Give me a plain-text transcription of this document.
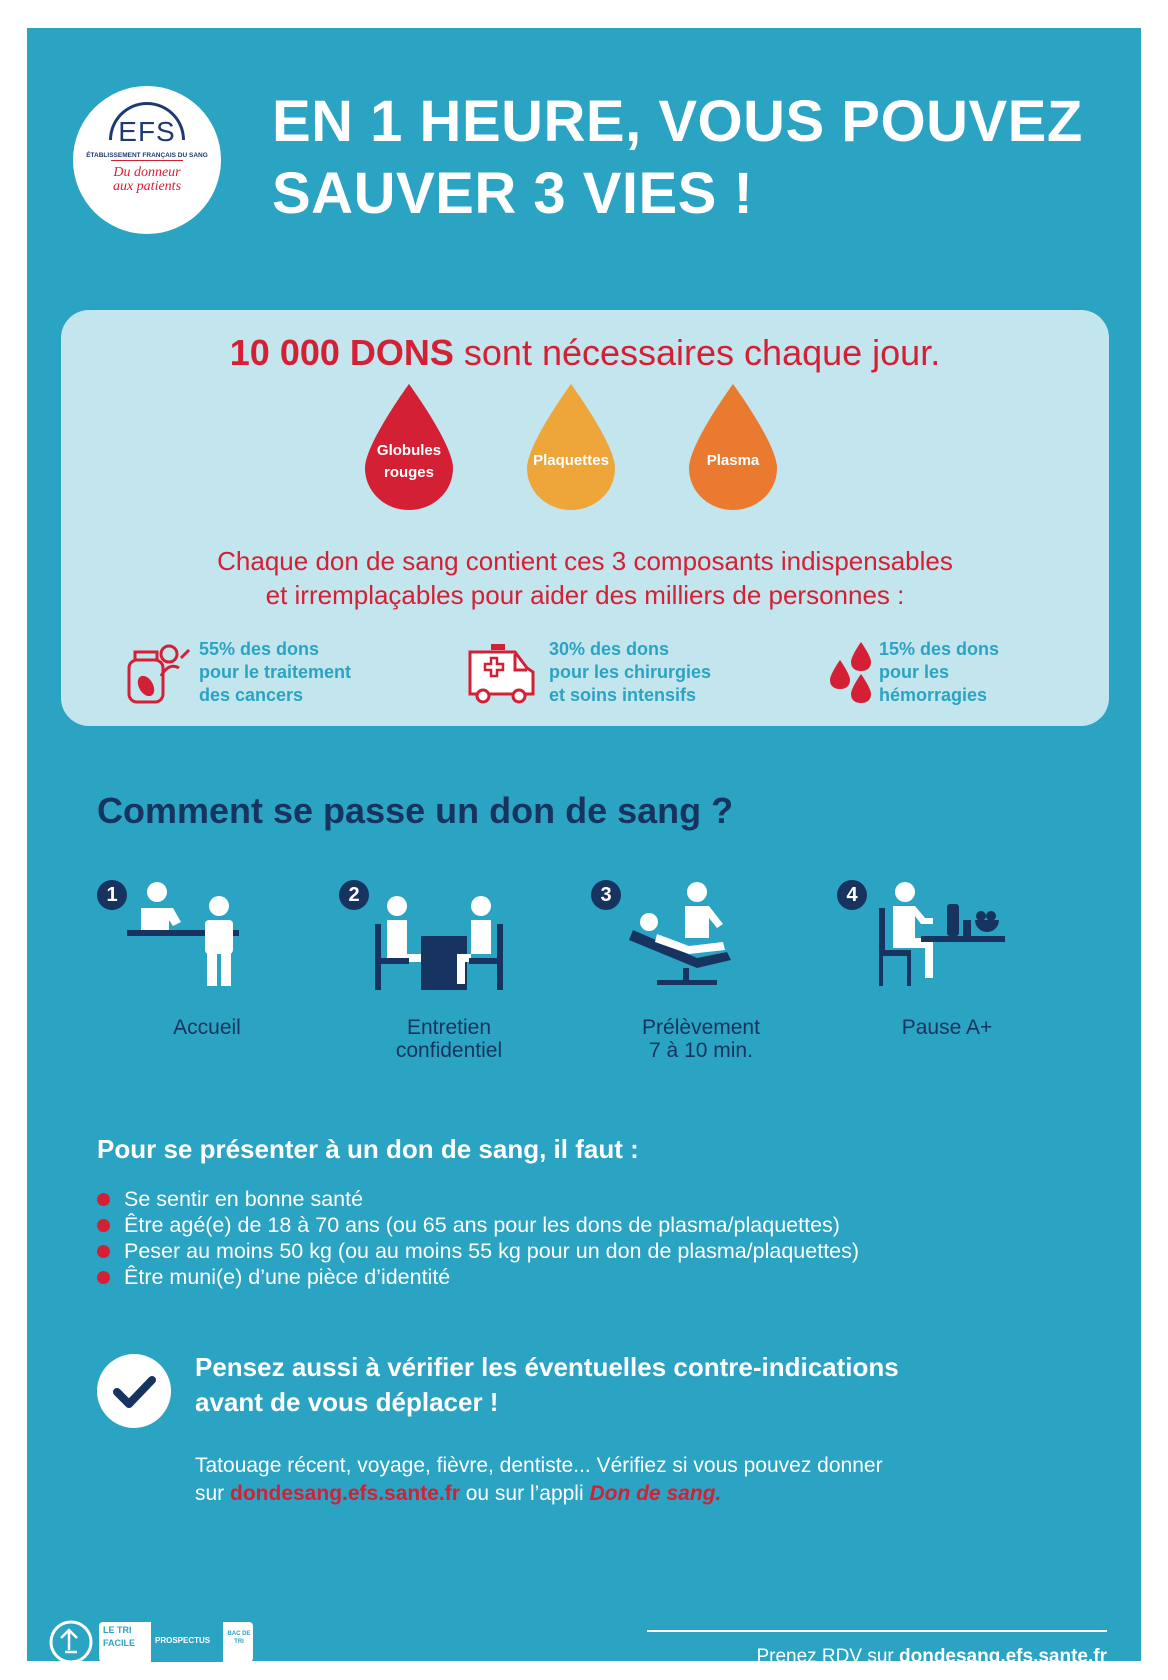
EFS
ÉTABLISSEMENT FRANÇAIS DU SANG
Du donneur
aux patients
EN 1 HEURE, VOUS POUVEZ
SAUVER 3 VIES !
10 000 DONS sont nécessaires chaque jour.
Globules
rouges
Plaquettes	Plasma
Chaque don de sang contient ces 3 composants indispensables
et irremplaçables pour aider des milliers de personnes :
55% des dons
pour le traitement
des cancers
30% des dons
pour les chirurgies
et soins intensifs
15% des dons
pour les
hémorragies
Comment se passe un don de sang ?
1
Accueil
2
Entretien
confidentiel
3
Prélèvement
7 à 10 min.
4
Pause A+
Pour se présenter à un don de sang, il faut :
Se sentir en bonne santé
Être agé(e) de 18 à 70 ans (ou 65 ans pour les dons de plasma/plaquettes)
Peser au moins 50 kg (ou au moins 55 kg pour un don de plasma/plaquettes)
Être muni(e) d’une pièce d’identité
Pensez aussi à vérifier les éventuelles contre-indications
avant de vous déplacer !
Tatouage récent, voyage, fièvre, dentiste... Vérifiez si vous pouvez donner
sur dondesang.efs.sante.fr ou sur l’appli Don de sang.
LE TRI
FACILE PROSPECTUS
BAC DE TRI
Prenez RDV sur dondesang.efs.sante.fr
